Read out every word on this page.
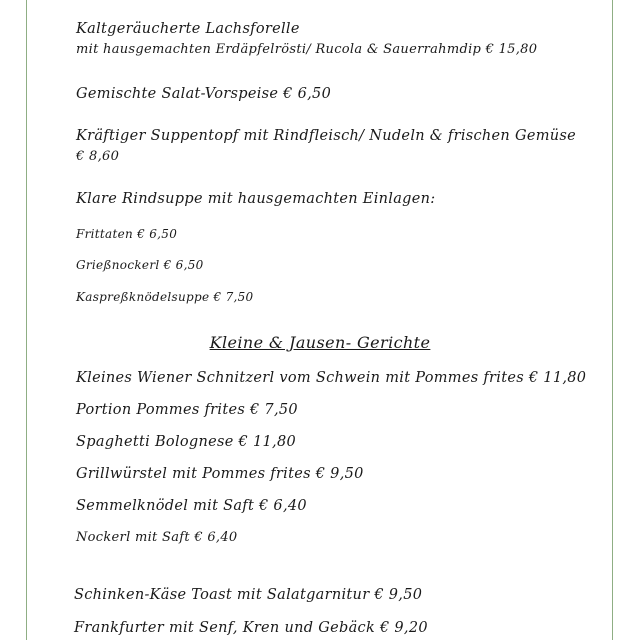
Kaltgeräucherte Lachsforelle
mit hausgemachten Erdäpfelrösti/ Rucola & Sauerrahmdip € 15,80
Gemischte Salat-Vorspeise € 6,50
Kräftiger Suppentopf mit Rindfleisch/ Nudeln & frischen Gemüse
€ 8,60
Klare Rindsuppe mit hausgemachten Einlagen:
Frittaten € 6,50
Grießnockerl € 6,50
Kaspreßknödelsuppe € 7,50
Kleine & Jausen- Gerichte
Kleines Wiener Schnitzerl vom Schwein mit Pommes frites € 11,80
Portion Pommes frites € 7,50
Spaghetti Bolognese € 11,80
Grillwürstel mit Pommes frites € 9,50
Semmelknödel mit Saft € 6,40
Nockerl mit Saft € 6,40
Schinken-Käse Toast mit Salatgarnitur € 9,50
Frankfurter mit Senf, Kren und Gebäck € 9,20
